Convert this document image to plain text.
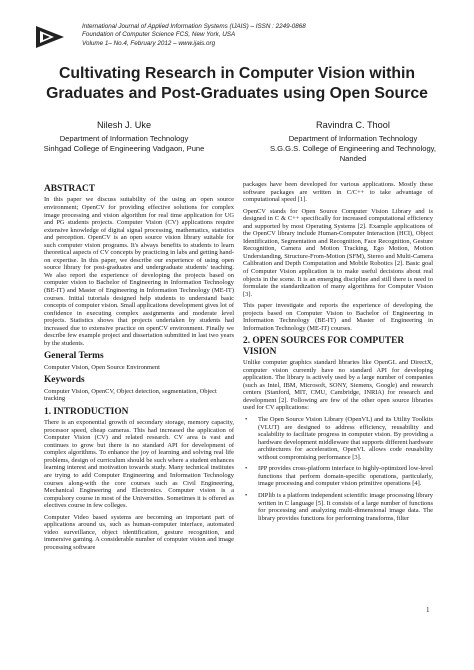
International Journal of Applied Information Systems (IJAIS) – ISSN : 2249-0868
Foundation of Computer Science FCS, New York, USA
Volume 1– No.4, February 2012 – www.ijais.org
Cultivating Research in Computer Vision within
Graduates and Post-Graduates using Open Source
Nilesh J. Uke
Department of Information Technology
Sinhgad College of Engineering Vadgaon, Pune
Ravindra C. Thool
Department of Information Technology
S.G.G.S. College of Engineering and Technology,
Nanded
ABSTRACT

In this paper we discuss suitability of the using an open source environment; OpenCV for providing effective solutions for complex image processing and vision algorithm for real time application for UG and PG students projects. Computer Vision (CV) applications require extensive knowledge of digital signal processing, mathematics, statistics and perception. OpenCV is an open source vision library suitable for such computer vision programs. It's always benefits to students to learn theoretical aspects of CV concepts by practicing in labs and getting hand-on expertise. In this paper, we describe our experience of using open source library for post-graduates and undergraduate students' teaching. We also report the experience of developing the projects based on computer vision to Bachelor of Engineering in Information Technology (BE-IT) and Master of Engineering in Information Technology (ME-IT) courses. Initial tutorials designed help students to understand basic concepts of computer vision. Small applications development gives lot of confidence in executing complex assignments and moderate level projects. Statistics shows that projects undertaken by students had increased due to extensive practice on openCV environment. Finally we describe few example project and dissertation submitted in last two years by the students.

General Terms

Computer Vision, Open Source Environment

Keywords

Computer Vision, OpenCV, Object detection, segmentation, Object tracking

1. INTRODUCTION

There is an exponential growth of secondary storage, memory capacity, processor speed, cheap cameras. This had increased the application of Computer Vision (CV) and related research. CV area is vast and continues to grow but there is no standard API for development of complex algorithms. To enhance the joy of learning and solving real life problems, design of curriculum should be such where a student enhances learning interest and motivation towards study. Many technical institutes are trying to add Computer Engineering and Information Technology courses along-with the core courses such as Civil Engineering, Mechanical Engineering and Electronics. Computer vision is a compulsory course in most of the Universities. Sometimes it is offered as electives course in few colleges.

Computer Video based systems are becoming an important part of applications around us, such as human-computer interface, automated video surveillance, object identification, gesture recognition, and immersive gaming. A considerable number of computer vision and image processing software

packages have been developed for various applications. Mostly these software packages are written in C/C++ to take advantage of computational speed [1].

OpenCV stands for Open Source Computer Vision Library and is designed in C & C++ specifically for increased computational efficiency and supported by most Operating Systems [2]. Example applications of the OpenCV library include Human-Computer Interaction (HCI), Object Identification, Segmentation and Recognition, Face Recognition, Gesture Recognition, Camera and Motion Tracking, Ego Motion, Motion Understanding, Structure-From-Motion (SFM), Stereo and Multi-Camera Calibration and Depth Computation and Mobile Robotics [2]. Basic goal of Computer Vision application is to make useful decisions about real objects in the scene. It is an emerging discipline and still there is need to formulate the standardization of many algorithms for Computer Vision [3].

This paper investigate and reports the experience of developing the projects based on Computer Vision to Bachelor of Engineering in Information Technology (BE-IT) and Master of Engineering in Information Technology (ME-IT) courses.

2. OPEN SOURCES FOR COMPUTER VISION

Unlike computer graphics standard libraries like OpenGL and DirectX, computer vision currently have no standard API for developing application. The library is actively used by a large number of companies (such as Intel, IBM, Microsoft, SONY, Siemens, Google) and research centers (Stanford, MIT, CMU, Cambridge, INRIA) for research and development [2]. Following are few of the other open source libraries used for CV applications:

• The Open Source Vision Library (OpenVL) and its Utility Toolkits (VLUT) are designed to address efficiency, reusability and scalability to facilitate progress in computer vision. By providing a hardware development middleware that supports different hardware architectures for acceleration, OpenVL allows code reusability without compromising performance [3].
• IPP provides cross-platform interface to highly-optimized low-level functions that perform domain-specific operations, particularly, image processing and computer vision primitive operations [4].
• DIPlib is a platform independent scientific image processing library written in C language [5]. It consists of a large number of functions for processing and analyzing multi-dimensional image data. The library provides functions for performing transforms, filter
1
